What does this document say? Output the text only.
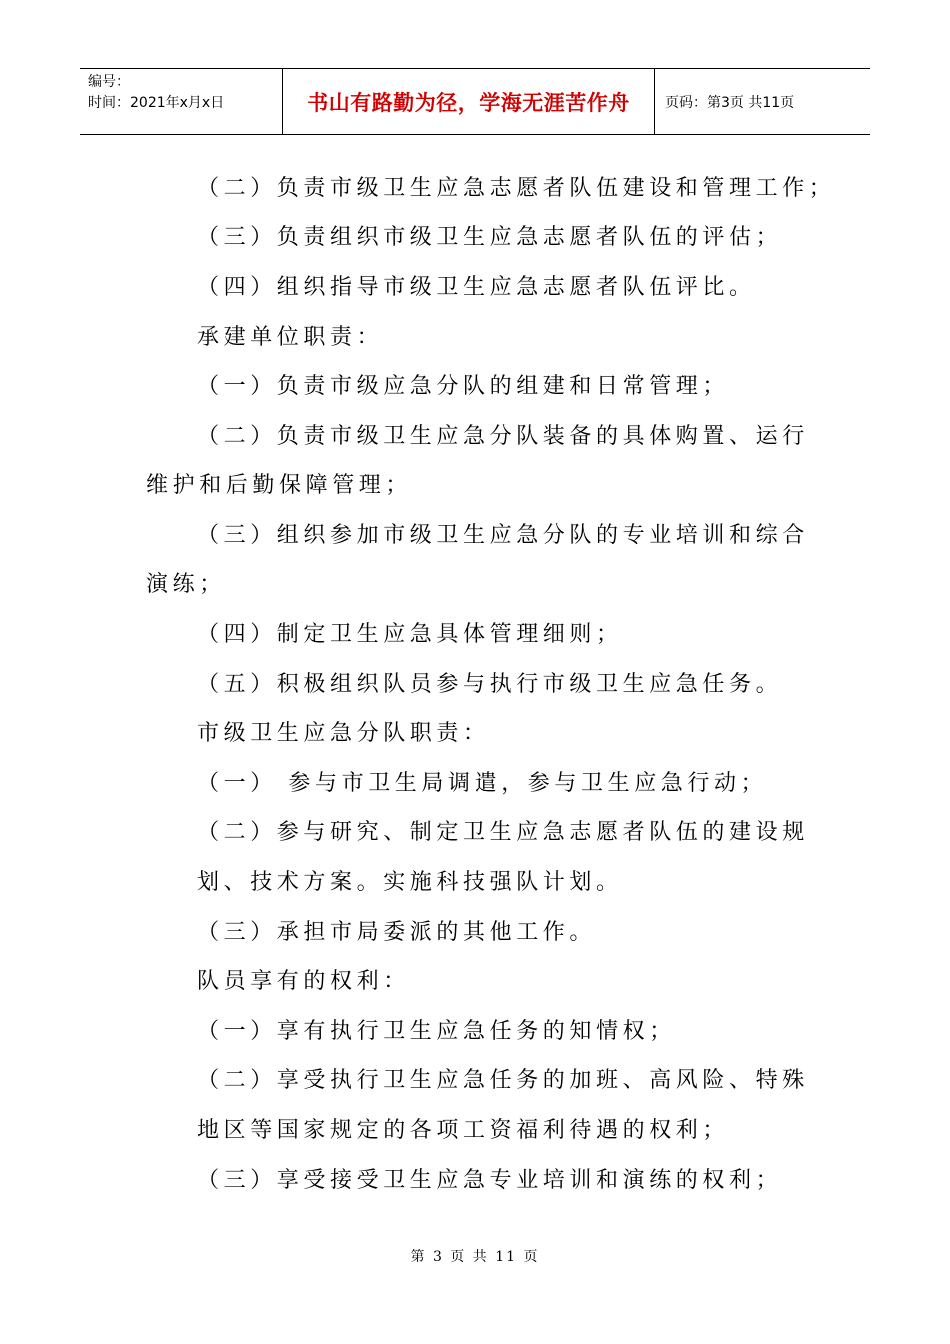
编号：
时间：2021年x月x日	书山有路勤为径，学海无涯苦作舟	页码：第3页 共11页
（二）负责市级卫生应急志愿者队伍建设和管理工作；
（三）负责组织市级卫生应急志愿者队伍的评估；
（四）组织指导市级卫生应急志愿者队伍评比。
承建单位职责：
（一）负责市级应急分队的组建和日常管理；
（二）负责市级卫生应急分队装备的具体购置、运行
维护和后勤保障管理；
（三）组织参加市级卫生应急分队的专业培训和综合
演练；
（四）制定卫生应急具体管理细则；
（五）积极组织队员参与执行市级卫生应急任务。
市级卫生应急分队职责：
（一） 参与市卫生局调遣，参与卫生应急行动；
（二）参与研究、制定卫生应急志愿者队伍的建设规
划、技术方案。实施科技强队计划。
（三）承担市局委派的其他工作。
队员享有的权利：
（一）享有执行卫生应急任务的知情权；
（二）享受执行卫生应急任务的加班、高风险、特殊
地区等国家规定的各项工资福利待遇的权利；
（三）享受接受卫生应急专业培训和演练的权利；
第 3 页 共 11 页
